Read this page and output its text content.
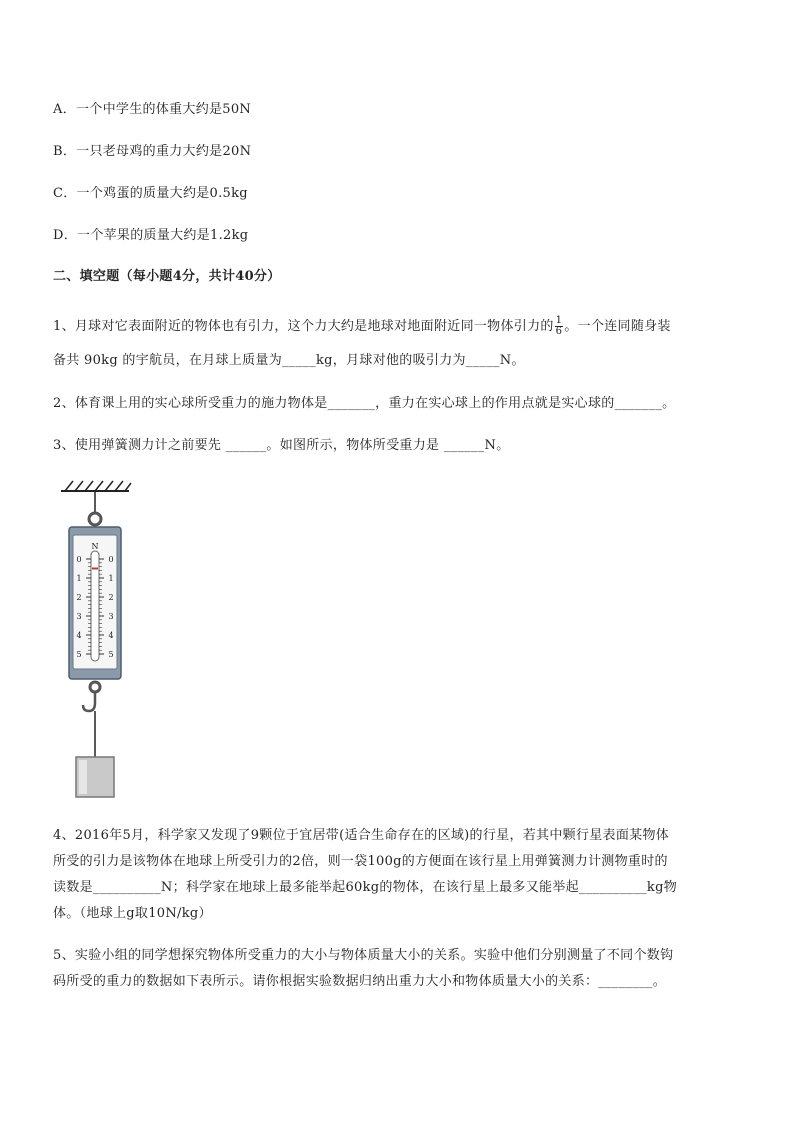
A．一个中学生的体重大约是50N
B．一只老母鸡的重力大约是20N
C．一个鸡蛋的质量大约是0.5kg
D．一个苹果的质量大约是1.2kg
二、填空题（每小题4分，共计40分）
1、月球对它表面附近的物体也有引力，这个力大约是地球对地面附近同一物体引力的 $\frac{1}{6}$ 。一个连同随身装
备共 90kg 的宇航员，在月球上质量为_____kg，月球对他的吸引力为_____N。
2、体育课上用的实心球所受重力的施力物体是_______，重力在实心球上的作用点就是实心球的_______。
3、使用弹簧测力计之前要先 ______。如图所示，物体所受重力是 ______N。
0	0
1	1
2	2
3	3
4	4
5	5
N
4、2016年5月，科学家又发现了9颗位于宜居带(适合生命存在的区域)的行星，若其中颗行星表面某物体
所受的引力是该物体在地球上所受引力的2倍，则一袋100g的方便面在该行星上用弹簧测力计测物重时的
读数是__________N；科学家在地球上最多能举起60kg的物体，在该行星上最多又能举起__________kg物
体。（地球上g取10N/kg）
5、实验小组的同学想探究物体所受重力的大小与物体质量大小的关系。实验中他们分别测量了不同个数钩
码所受的重力的数据如下表所示。请你根据实验数据归纳出重力大小和物体质量大小的关系：________。
